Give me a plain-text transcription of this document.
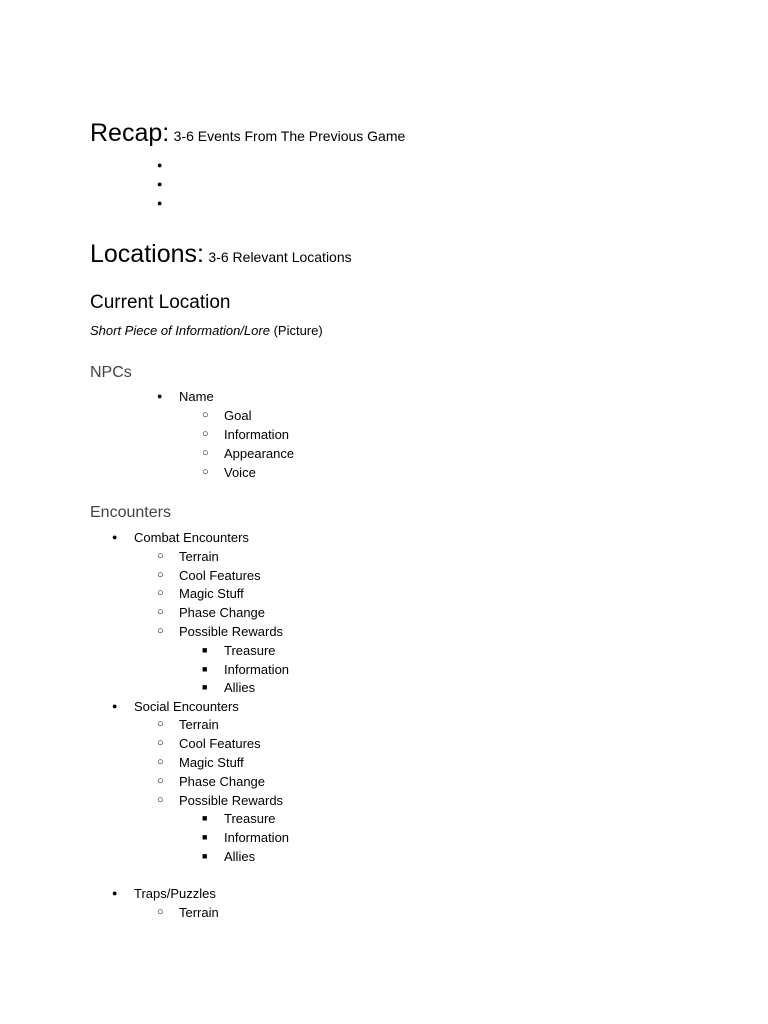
Recap: 3-6 Events From The Previous Game
●
●
●
Locations: 3-6 Relevant Locations
Current Location
Short Piece of Information/Lore (Picture)
NPCs
●
Name
○
Goal
○
Information
○
Appearance
○
Voice
Encounters
●
Combat Encounters
○
Terrain
○
Cool Features
○
Magic Stuff
○
Phase Change
○
Possible Rewards
■
Treasure
■
Information
■
Allies
●
Social Encounters
○
Terrain
○
Cool Features
○
Magic Stuff
○
Phase Change
○
Possible Rewards
■
Treasure
■
Information
■
Allies
●
Traps/Puzzles
○
Terrain
